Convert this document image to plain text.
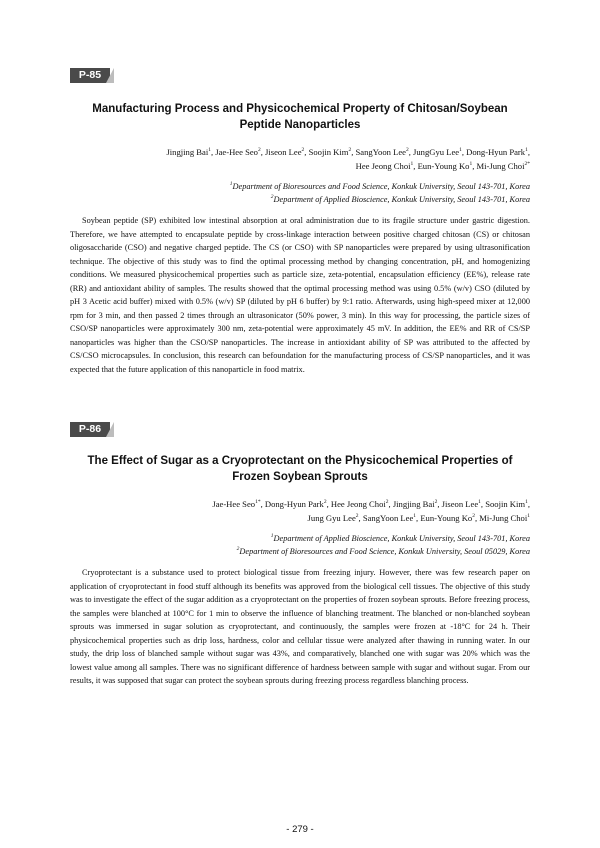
P-85

Manufacturing Process and Physicochemical Property of Chitosan/Soybean
Peptide Nanoparticles

Jingjing Bai$^1$, Jae-Hee Seo$^2$, Jiseon Lee$^2$, Soojin Kim$^2$, SangYoon Lee$^2$, JungGyu Lee$^1$, Dong-Hyun Park$^1$,
Hee Jeong Choi$^1$, Eun-Young Ko$^1$, Mi-Jung Choi$^{2*}$

$^1$Department of Bioresources and Food Science, Konkuk University, Seoul 143-701, Korea

$^2$Department of Applied Bioscience, Konkuk University, Seoul 143-701, Korea

Soybean peptide (SP) exhibited low intestinal absorption at oral administration due to its fragile structure under gastric digestion. Therefore, we have attempted to encapsulate peptide by cross-linkage interaction between positive charged chitosan (CS) or chitosan oligosaccharide (CSO) and negative charged peptide. The CS (or CSO) with SP nanoparticles were prepared by using ultrasonification technique. The objective of this study was to find the optimal processing method by changing concentration, pH, and homogenizing conditions. We measured physicochemical properties such as particle size, zeta-potential, encapsulation efficiency (EE%), release rate (RR) and antioxidant ability of samples. The results showed that the optimal processing method was using 0.5% (w/v) CSO (diluted by pH 3 Acetic acid buffer) mixed with 0.5% (w/v) SP (diluted by pH 6 buffer) by 9:1 ratio. Afterwards, using high-speed mixer at 12,000 rpm for 3 min, and then passed 2 times through an ultrasonicator (50% power, 3 min). In this way for processing, the particle sizes of CSO/SP nanoparticles were approximately 300 nm, zeta-potential were approximately 45 mV. In addition, the EE% and RR of CS/SP nanoparticles was higher than the CSO/SP nanoparticles. The increase in antioxidant ability of SP was attributed to the affected by CS/CSO microcapsules. In conclusion, this research can befoundation for the manufacturing process of CS/SP nanoparticles, and it was expected that the future application of this nanoparticle in food matrix.

P-86

The Effect of Sugar as a Cryoprotectant on the Physicochemical Properties of
Frozen Soybean Sprouts

Jae-Hee Seo$^{1*}$, Dong-Hyun Park$^2$, Hee Jeong Choi$^2$, Jingjing Bai$^2$, Jiseon Lee$^1$, Soojin Kim$^1$,
Jung Gyu Lee$^2$, SangYoon Lee$^1$, Eun-Young Ko$^2$, Mi-Jung Choi$^1$

$^1$Department of Applied Bioscience, Konkuk University, Seoul 143-701, Korea

$^2$Department of Bioresources and Food Science, Konkuk University, Seoul 05029, Korea

Cryoprotectant is a substance used to protect biological tissue from freezing injury. However, there was few research paper on application of cryoprotectant in food stuff although its benefits was approved from the biological cell tissues. The objective of this study was to investigate the effect of the sugar addition as a cryoprotectant on the properties of frozen soybean sprouts. Before freezing process, the samples were blanched at 100°C for 1 min to observe the influence of blanching treatment. The blanched or non-blanched soybean sprouts was immersed in sugar solution as cryoprotectant, and continuously, the samples were frozen at -18°C for 24 h. Their physicochemical properties such as drip loss, hardness, color and cellular tissue were analyzed after thawing in running water. In our study, the drip loss of blanched sample without sugar was 43%, and comparatively, blanched one with sugar was 20% which was the lowest value among all samples. There was no significant difference of hardness between sample with sugar and without sugar. From our results, it was supposed that sugar can protect the soybean sprouts during freezing process regardless blanching process.

- 279 -
